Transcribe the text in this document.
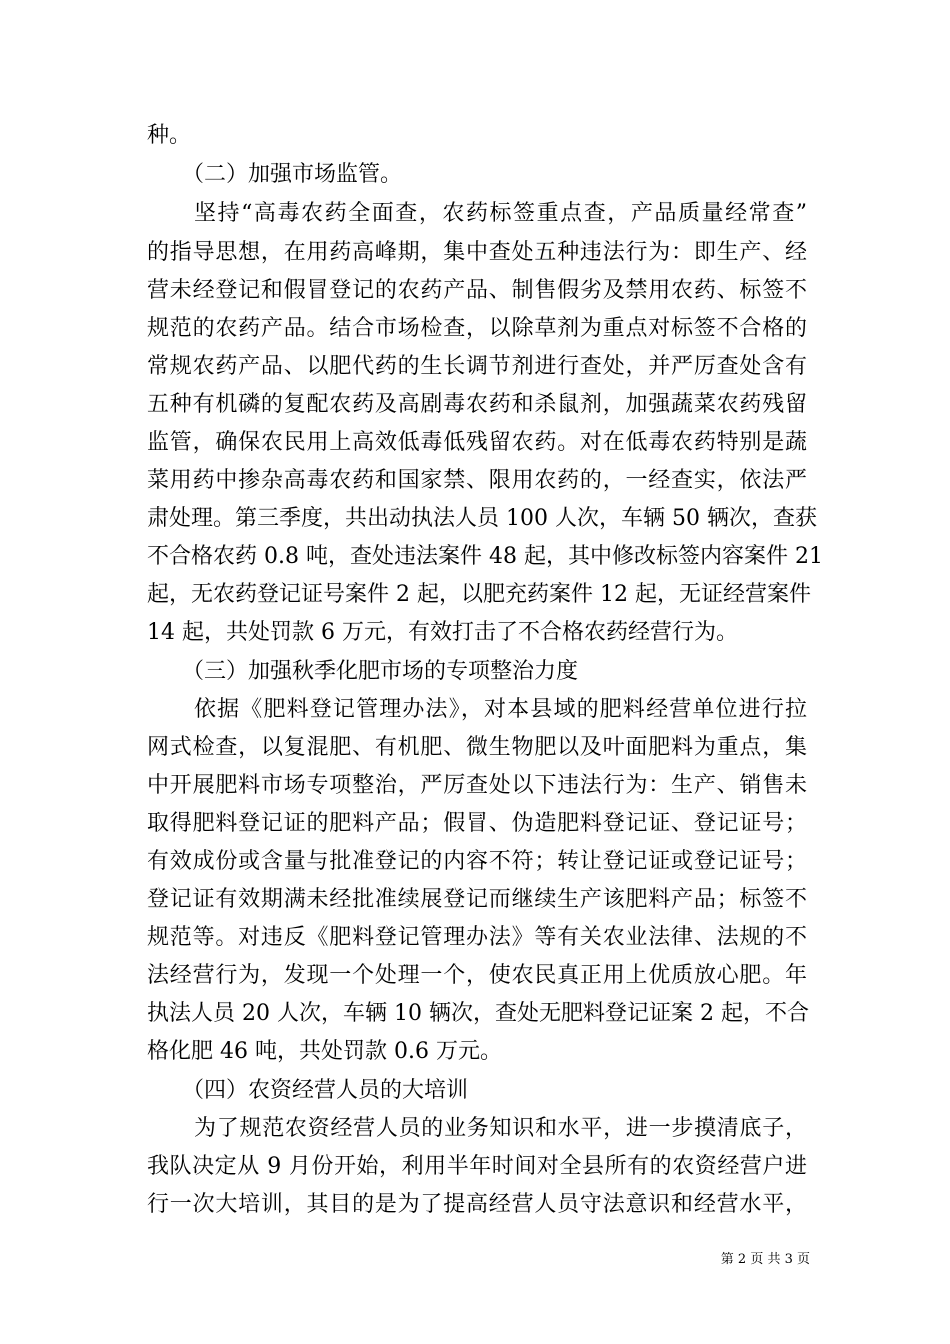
种。
（二）加强市场监管。
坚持“高毒农药全面查，农药标签重点查，产品质量经常查”
的指导思想，在用药高峰期，集中查处五种违法行为：即生产、经
营未经登记和假冒登记的农药产品、制售假劣及禁用农药、标签不
规范的农药产品。结合市场检查，以除草剂为重点对标签不合格的
常规农药产品、以肥代药的生长调节剂进行查处，并严厉查处含有
五种有机磷的复配农药及高剧毒农药和杀鼠剂，加强蔬菜农药残留
监管，确保农民用上高效低毒低残留农药。对在低毒农药特别是蔬
菜用药中掺杂高毒农药和国家禁、限用农药的，一经查实，依法严
肃处理。第三季度，共出动执法人员 100 人次，车辆 50 辆次，查获
不合格农药 0.8 吨，查处违法案件 48 起，其中修改标签内容案件 21
起，无农药登记证号案件 2 起，以肥充药案件 12 起，无证经营案件
14 起，共处罚款 6 万元，有效打击了不合格农药经营行为。
（三）加强秋季化肥市场的专项整治力度
依据《肥料登记管理办法》，对本县域的肥料经营单位进行拉
网式检查，以复混肥、有机肥、微生物肥以及叶面肥料为重点，集
中开展肥料市场专项整治，严厉查处以下违法行为：生产、销售未
取得肥料登记证的肥料产品；假冒、伪造肥料登记证、登记证号；
有效成份或含量与批准登记的内容不符；转让登记证或登记证号；
登记证有效期满未经批准续展登记而继续生产该肥料产品；标签不
规范等。对违反《肥料登记管理办法》等有关农业法律、法规的不
法经营行为，发现一个处理一个，使农民真正用上优质放心肥。年
执法人员 20 人次，车辆 10 辆次，查处无肥料登记证案 2 起，不合
格化肥 46 吨，共处罚款 0.6 万元。
（四）农资经营人员的大培训
为了规范农资经营人员的业务知识和水平，进一步摸清底子，
我队决定从 9 月份开始，利用半年时间对全县所有的农资经营户进
行一次大培训，其目的是为了提高经营人员守法意识和经营水平，
第 2 页 共 3 页
